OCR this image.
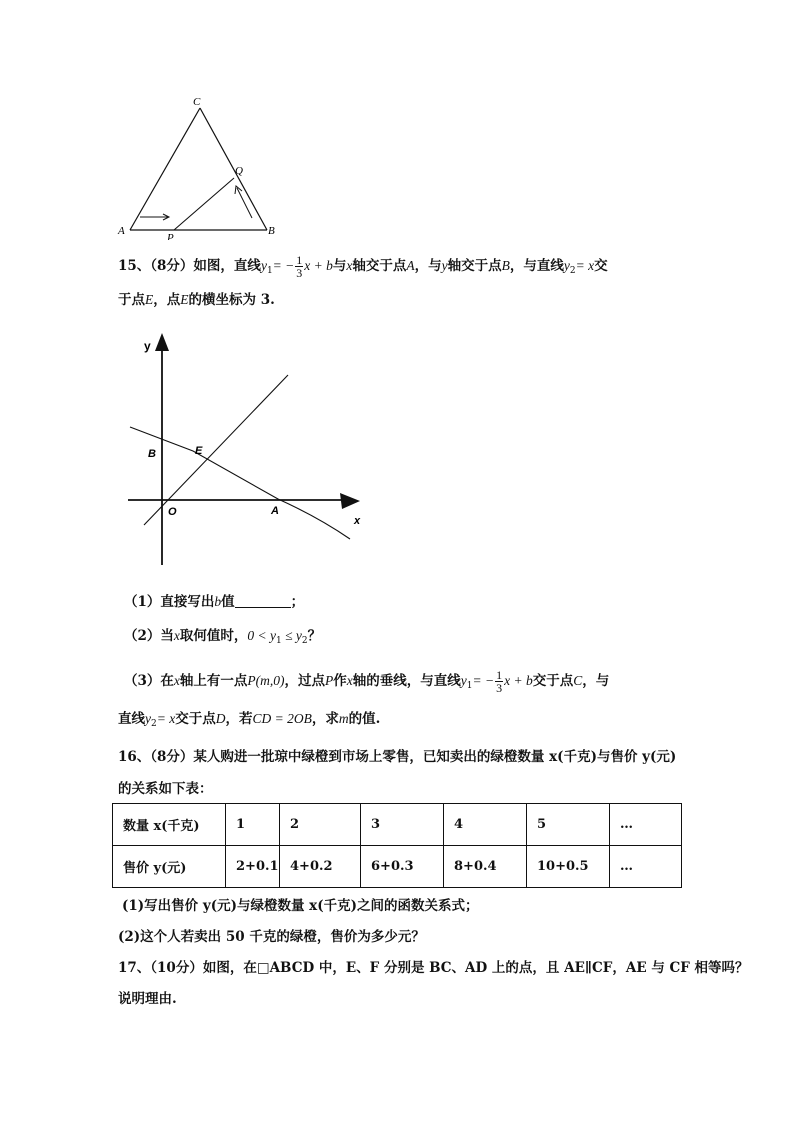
C
Q
A
P
B
15、（8分）如图，直线$y_1= - \frac{1}{3}$ x + b与x轴交于点A，与y轴交于点B，与直线$y_2= x$交
于点E，点E的横坐标为 3.
y
x
O
B	E
A
（1）直接写出b值	；
（2）当x取何值时，$0 < y_1 \le y_2$？
（3）在x轴上有一点P(m,0)，过点P作x轴的垂线，与直线$y_1= - \frac{1}{3}$ x + b交于点C，与
直线$y_2= x$交于点D，若CD = 2OB，求m的值.
16、（8分）某人购进一批琼中绿橙到市场上零售，已知卖出的绿橙数量 x(千克)与售价 y(元)
的关系如下表：
数量 x(千克)	1	2	3	4	5	…
售价 y(元)	2+0.1	4+0.2	6+0.3	8+0.4	10+0.5	…
(1)写出售价 y(元)与绿橙数量 x(千克)之间的函数关系式；
(2)这个人若卖出 50 千克的绿橙，售价为多少元？
17、（10分）如图，在□ABCD 中，E、F 分别是 BC、AD 上的点，且 AE∥CF，AE 与 CF 相等吗？
说明理由.
